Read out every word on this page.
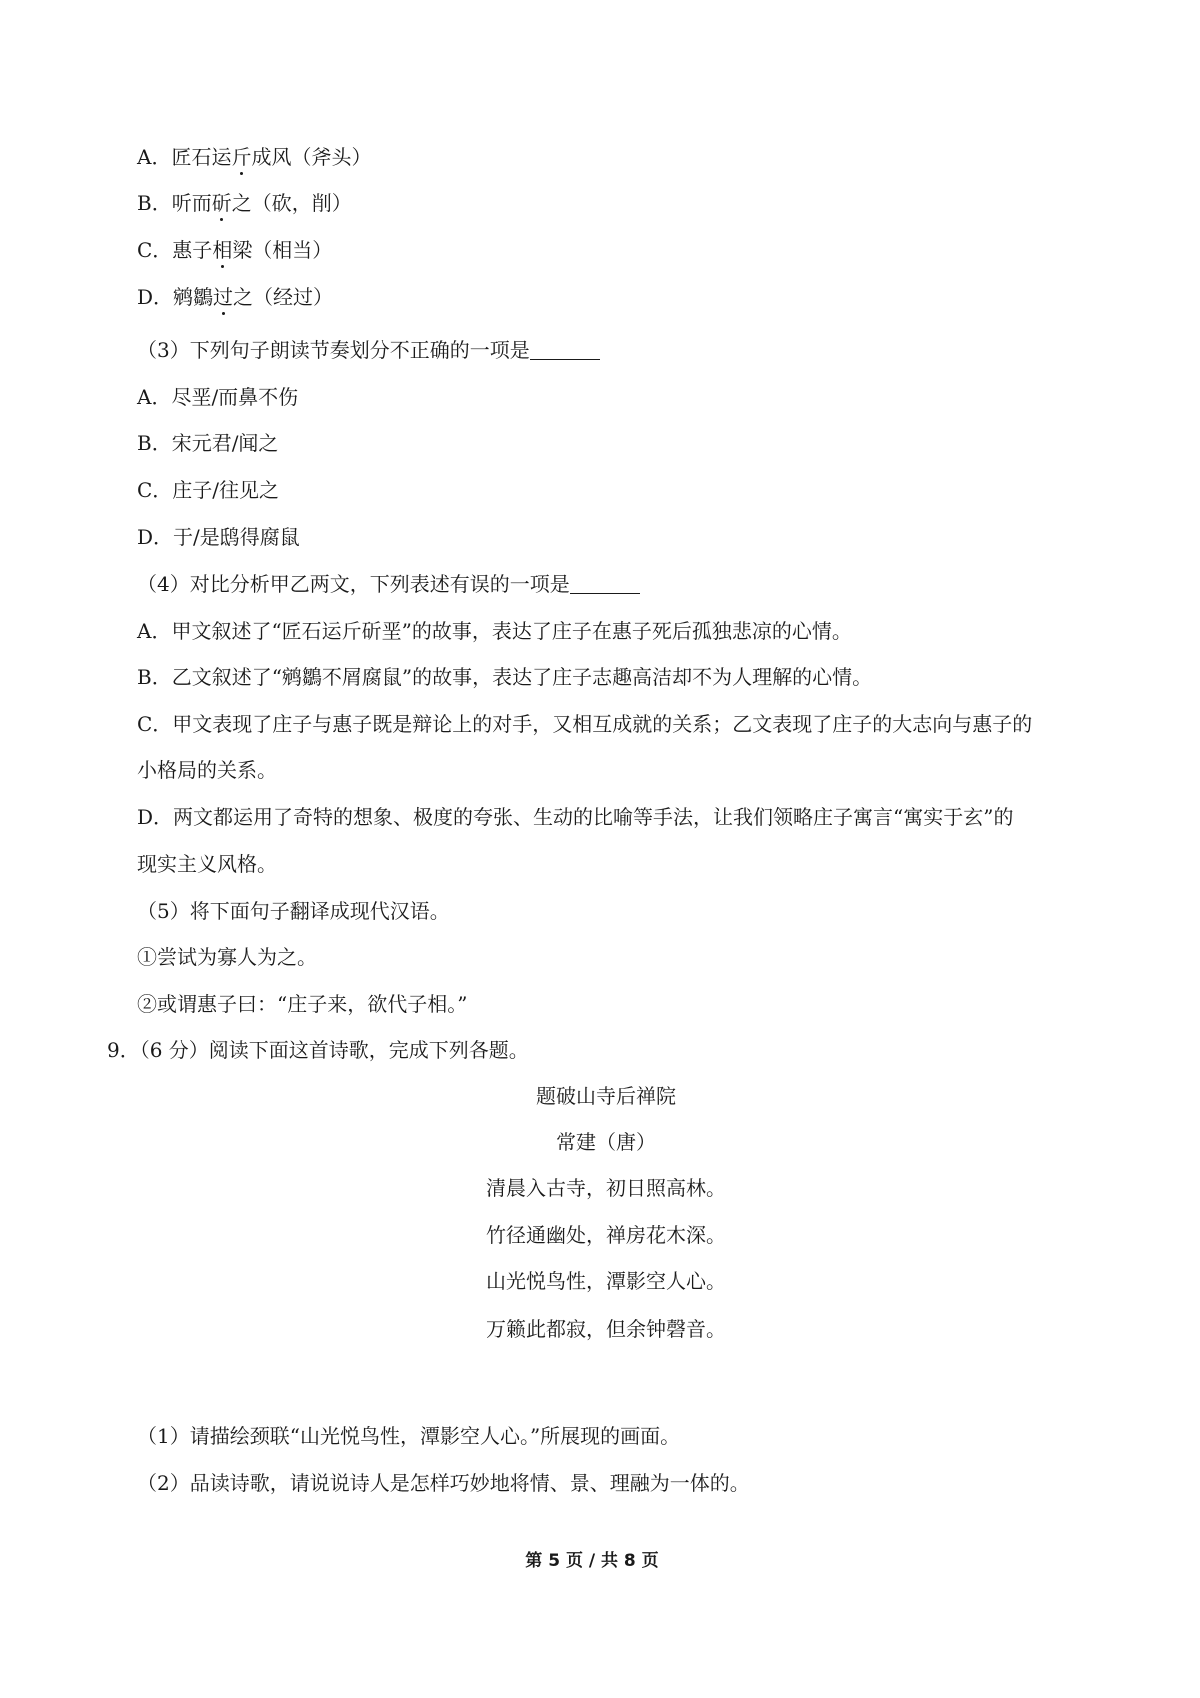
A．匠石运斤成风（斧头）
B．听而斫之（砍，削）
C．惠子相梁（相当）
D．鹓鶵过之（经过）
（3）下列句子朗读节奏划分不正确的一项是
A．尽垩/而鼻不伤
B．宋元君/闻之
C．庄子/往见之
D．于/是鸱得腐鼠
（4）对比分析甲乙两文，下列表述有误的一项是
A．甲文叙述了“匠石运斤斫垩”的故事，表达了庄子在惠子死后孤独悲凉的心情。
B．乙文叙述了“鹓鶵不屑腐鼠”的故事，表达了庄子志趣高洁却不为人理解的心情。
C．甲文表现了庄子与惠子既是辩论上的对手，又相互成就的关系；乙文表现了庄子的大志向与惠子的
小格局的关系。
D．两文都运用了奇特的想象、极度的夸张、生动的比喻等手法，让我们领略庄子寓言“寓实于玄”的
现实主义风格。
（5）将下面句子翻译成现代汉语。
①尝试为寡人为之。
②或谓惠子曰：“庄子来，欲代子相。”
9．（6 分）阅读下面这首诗歌，完成下列各题。
题破山寺后禅院
常建（唐）
清晨入古寺，初日照高林。
竹径通幽处，禅房花木深。
山光悦鸟性，潭影空人心。
万籁此都寂，但余钟磬音。
（1）请描绘颈联“山光悦鸟性，潭影空人心。”所展现的画面。
（2）品读诗歌，请说说诗人是怎样巧妙地将情、景、理融为一体的。
第 5 页 / 共 8 页
